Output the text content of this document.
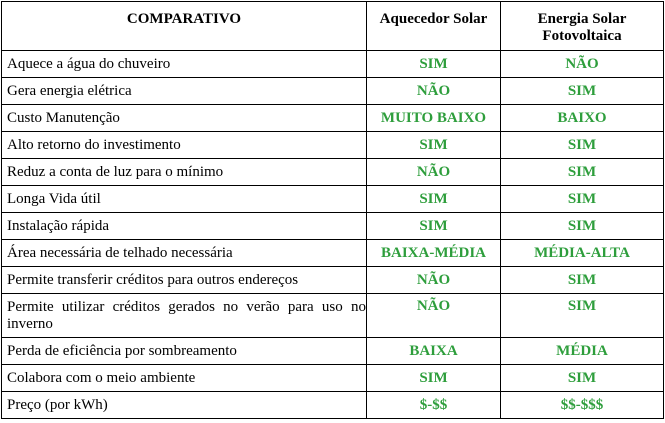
COMPARATIVO	Aquecedor Solar	Energia Solar Fotovoltaica
Aquece a água do chuveiro	SIM	NÃO
Gera energia elétrica	NÃO	SIM
Custo Manutenção	MUITO BAIXO	BAIXO
Alto retorno do investimento	SIM	SIM
Reduz a conta de luz para o mínimo	NÃO	SIM
Longa Vida útil	SIM	SIM
Instalação rápida	SIM	SIM
Área necessária de telhado necessária	BAIXA-MÉDIA	MÉDIA-ALTA
Permite transferir créditos para outros endereços	NÃO	SIM
Permite utilizar créditos gerados no verão para uso no inverno	NÃO	SIM
Perda de eficiência por sombreamento	BAIXA	MÉDIA
Colabora com o meio ambiente	SIM	SIM
Preço (por kWh)	$-$$	$$-$$$
